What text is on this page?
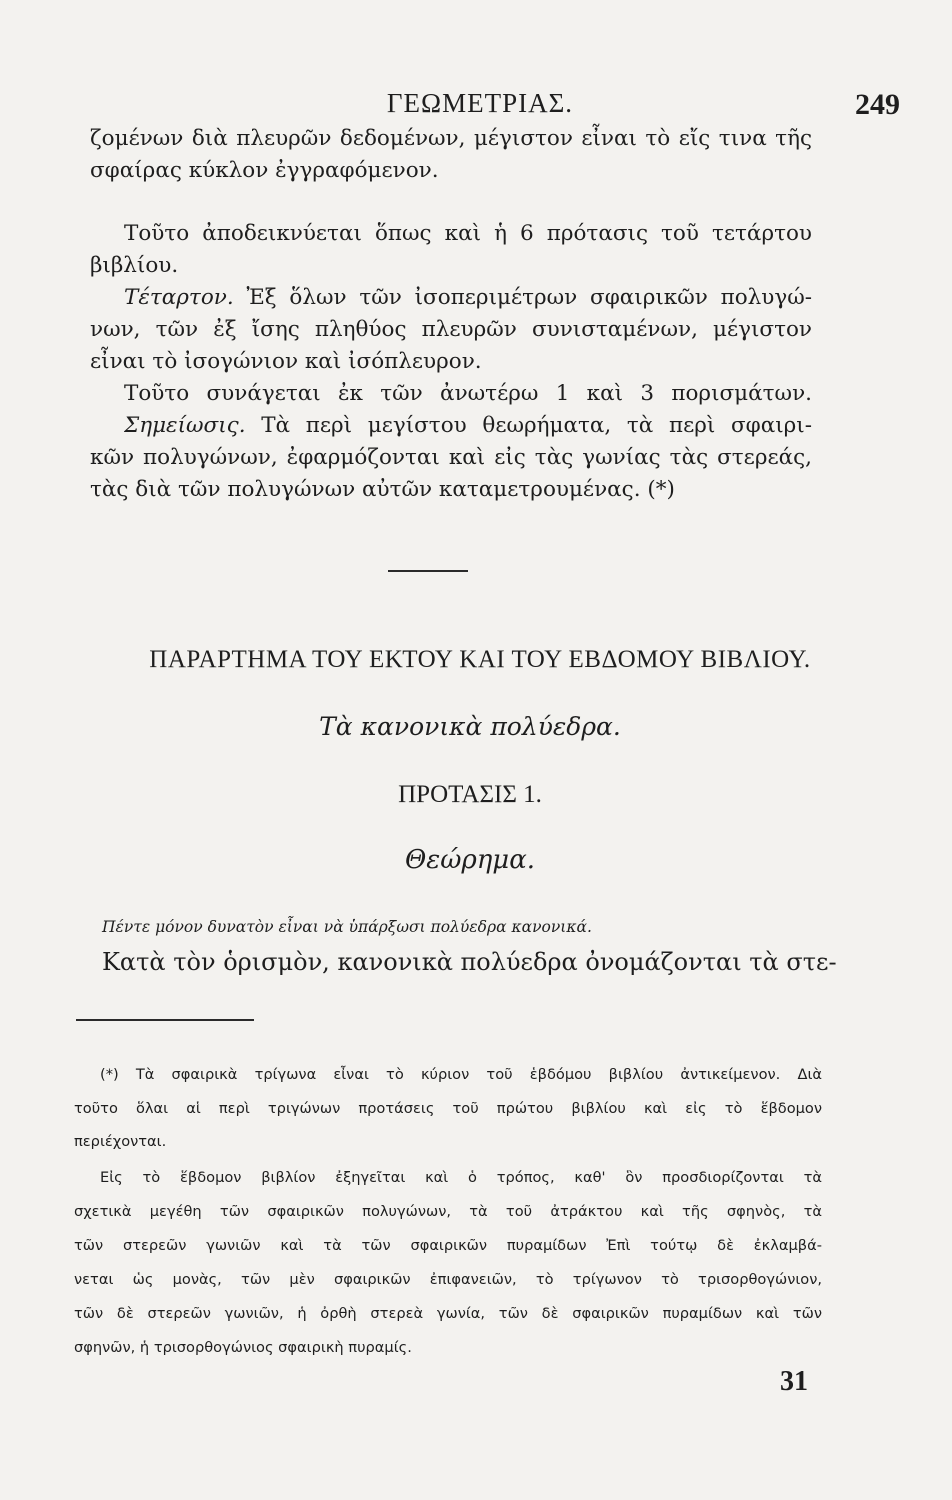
ΓΕΩΜΕΤΡΙΑΣ.	249
ζομένων διὰ πλευρῶν δεδομένων, μέγιστον εἶναι τὸ εἴς τινα τῆς
σφαίρας κύκλον ἐγγραφόμενον.
Τοῦτο ἀποδεικνύεται ὅπως καὶ ἡ 6 πρότασις τοῦ τετάρτου
βιβλίου.
Τέταρτον. Ἐξ ὅλων τῶν ἰσοπεριμέτρων σφαιρικῶν πολυγώ-
νων, τῶν ἐξ ἴσης πληθύος πλευρῶν συνισταμένων, μέγιστον
εἶναι τὸ ἰσογώνιον καὶ ἰσόπλευρον.
Τοῦτο συνάγεται ἐκ τῶν ἀνωτέρω 1 καὶ 3 πορισμάτων.
Σημείωσις. Τὰ περὶ μεγίστου θεωρήματα, τὰ περὶ σφαιρι-
κῶν πολυγώνων, ἐφαρμόζονται καὶ εἰς τὰς γωνίας τὰς στερεάς,
τὰς διὰ τῶν πολυγώνων αὐτῶν καταμετρουμένας. (*)
ΠΑΡΑΡΤΗΜΑ ΤΟΥ ΕΚΤΟΥ ΚΑΙ ΤΟΥ ΕΒΔΟΜΟΥ ΒΙΒΛΙΟΥ.
Τὰ κανονικὰ πολύεδρα.
ΠΡΟΤΑΣΙΣ 1.
Θεώρημα.
Πέντε μόνον δυνατὸν εἶναι νὰ ὑπάρξωσι πολύεδρα κανονικά.
Κατὰ τὸν ὁρισμὸν, κανονικὰ πολύεδρα ὀνομάζονται τὰ στε-
(*) Τὰ σφαιρικὰ τρίγωνα εἶναι τὸ κύριον τοῦ ἑβδόμου βιβλίου ἀντικείμενον. Διὰ
τοῦτο ὅλαι αἱ περὶ τριγώνων προτάσεις τοῦ πρώτου βιβλίου καὶ εἰς τὸ ἕβδομον
περιέχονται.
Εἰς τὸ ἕβδομον βιβλίον ἐξηγεῖται καὶ ὁ τρόπος, καθ' ὃν προσδιορίζονται τὰ
σχετικὰ μεγέθη τῶν σφαιρικῶν πολυγώνων, τὰ τοῦ ἀτράκτου καὶ τῆς σφηνὸς, τὰ
τῶν στερεῶν γωνιῶν καὶ τὰ τῶν σφαιρικῶν πυραμίδων Ἐπὶ τούτῳ δὲ ἐκλαμβά-
νεται ὡς μονὰς, τῶν μὲν σφαιρικῶν ἐπιφανειῶν, τὸ τρίγωνον τὸ τρισορθογώνιον,
τῶν δὲ στερεῶν γωνιῶν, ἡ ὀρθὴ στερεὰ γωνία, τῶν δὲ σφαιρικῶν πυραμίδων καὶ τῶν
σφηνῶν, ἡ τρισορθογώνιος σφαιρικὴ πυραμίς.
31
